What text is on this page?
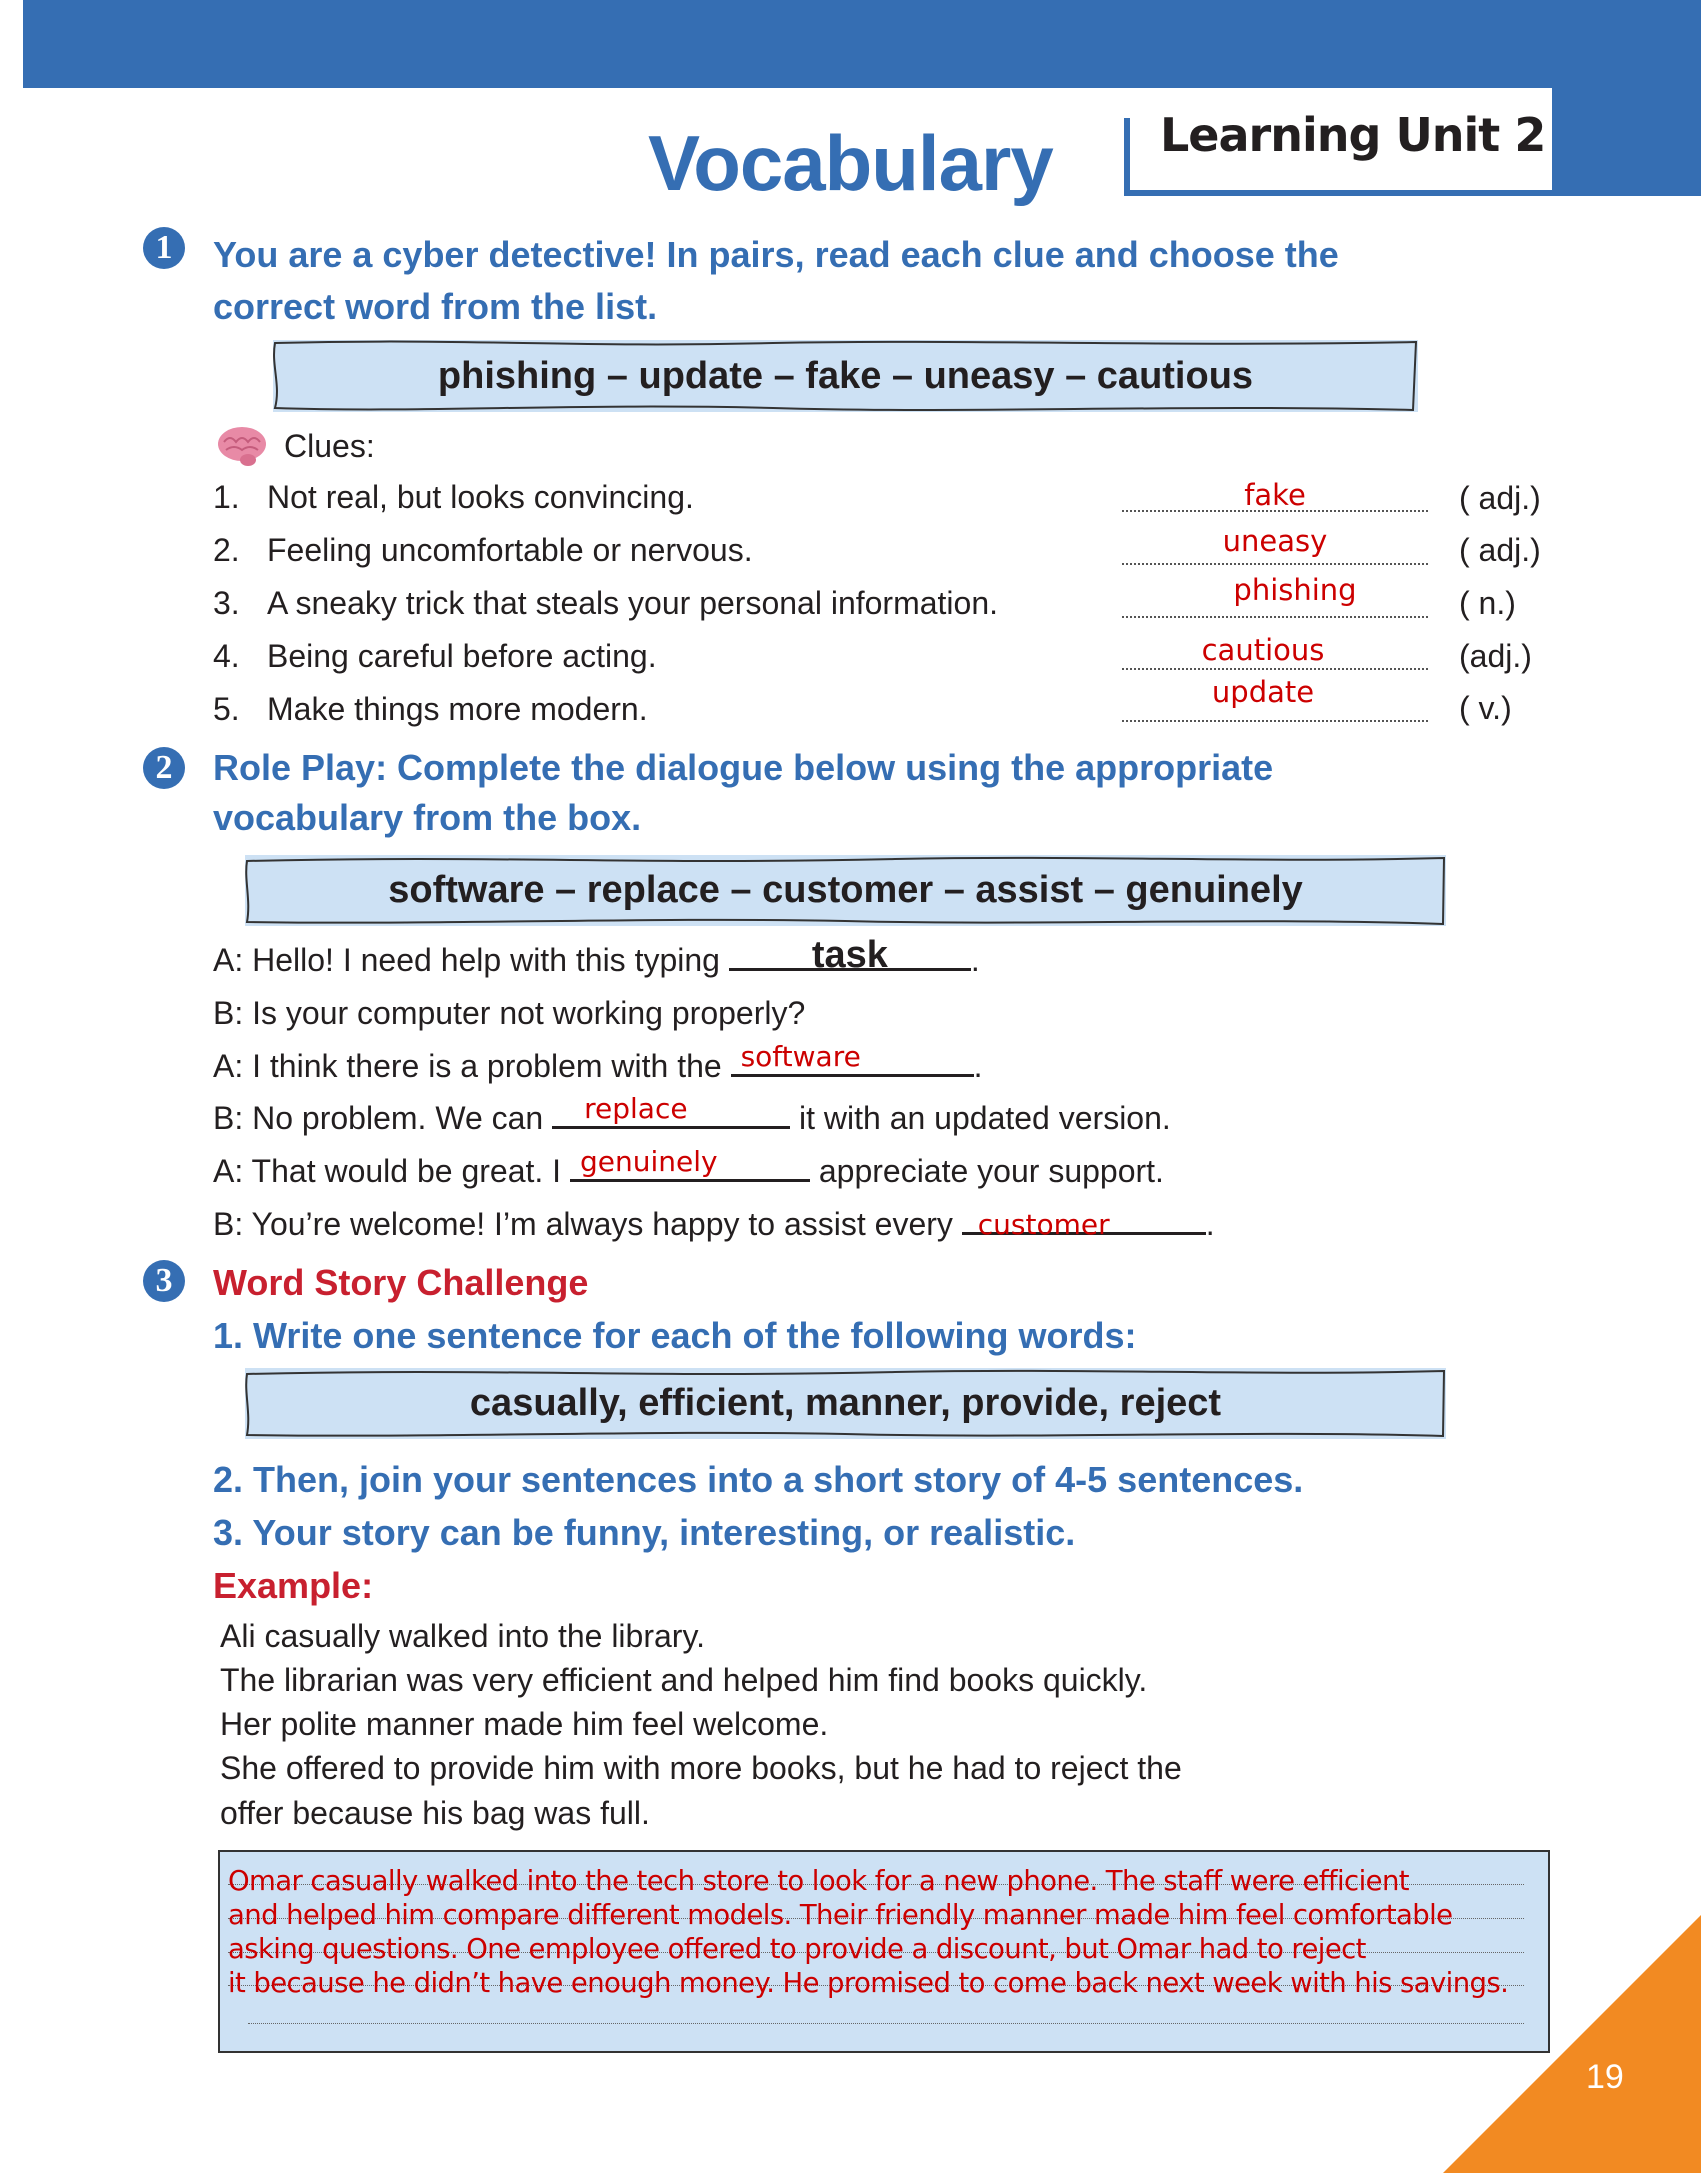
Learning Unit 2
Vocabulary
1	You are a cyber detective! In pairs, read each clue and choose the
correct word from the list.
phishing – update – fake – uneasy – cautious
Clues:
1. Not real, but looks convincing.	fake	( adj.)
2. Feeling uncomfortable or nervous.	uneasy	( adj.)
3. A sneaky trick that steals your personal information.	phishing	( n.)
4. Being careful before acting.	cautious	(adj.)
5. Make things more modern.	update	( v.)
2	Role Play: Complete the dialogue below using the appropriate
vocabulary from the box.
software – replace – customer – assist – genuinely
A: Hello! I need help with this typing	task	.
B: Is your computer not working properly?
A: I think there is a problem with the software	.
B: No problem. We can	replace	it with an updated version.
A: That would be great. I genuinely	appreciate your support.
B: You’re welcome! I’m always happy to assist every customer	.
3	Word Story Challenge
1. Write one sentence for each of the following words:
casually, efficient, manner, provide, reject
2. Then, join your sentences into a short story of 4-5 sentences.
3. Your story can be funny, interesting, or realistic.
Example:
Ali casually walked into the library.
The librarian was very efficient and helped him find books quickly.
Her polite manner made him feel welcome.
She offered to provide him with more books, but he had to reject the
offer because his bag was full.
Omar casually walked into the tech store to look for a new phone. The staff were efficient
and helped him compare different models. Their friendly manner made him feel comfortable
asking questions. One employee offered to provide a discount, but Omar had to reject
it because he didn’t have enough money. He promised to come back next week with his savings.
19
